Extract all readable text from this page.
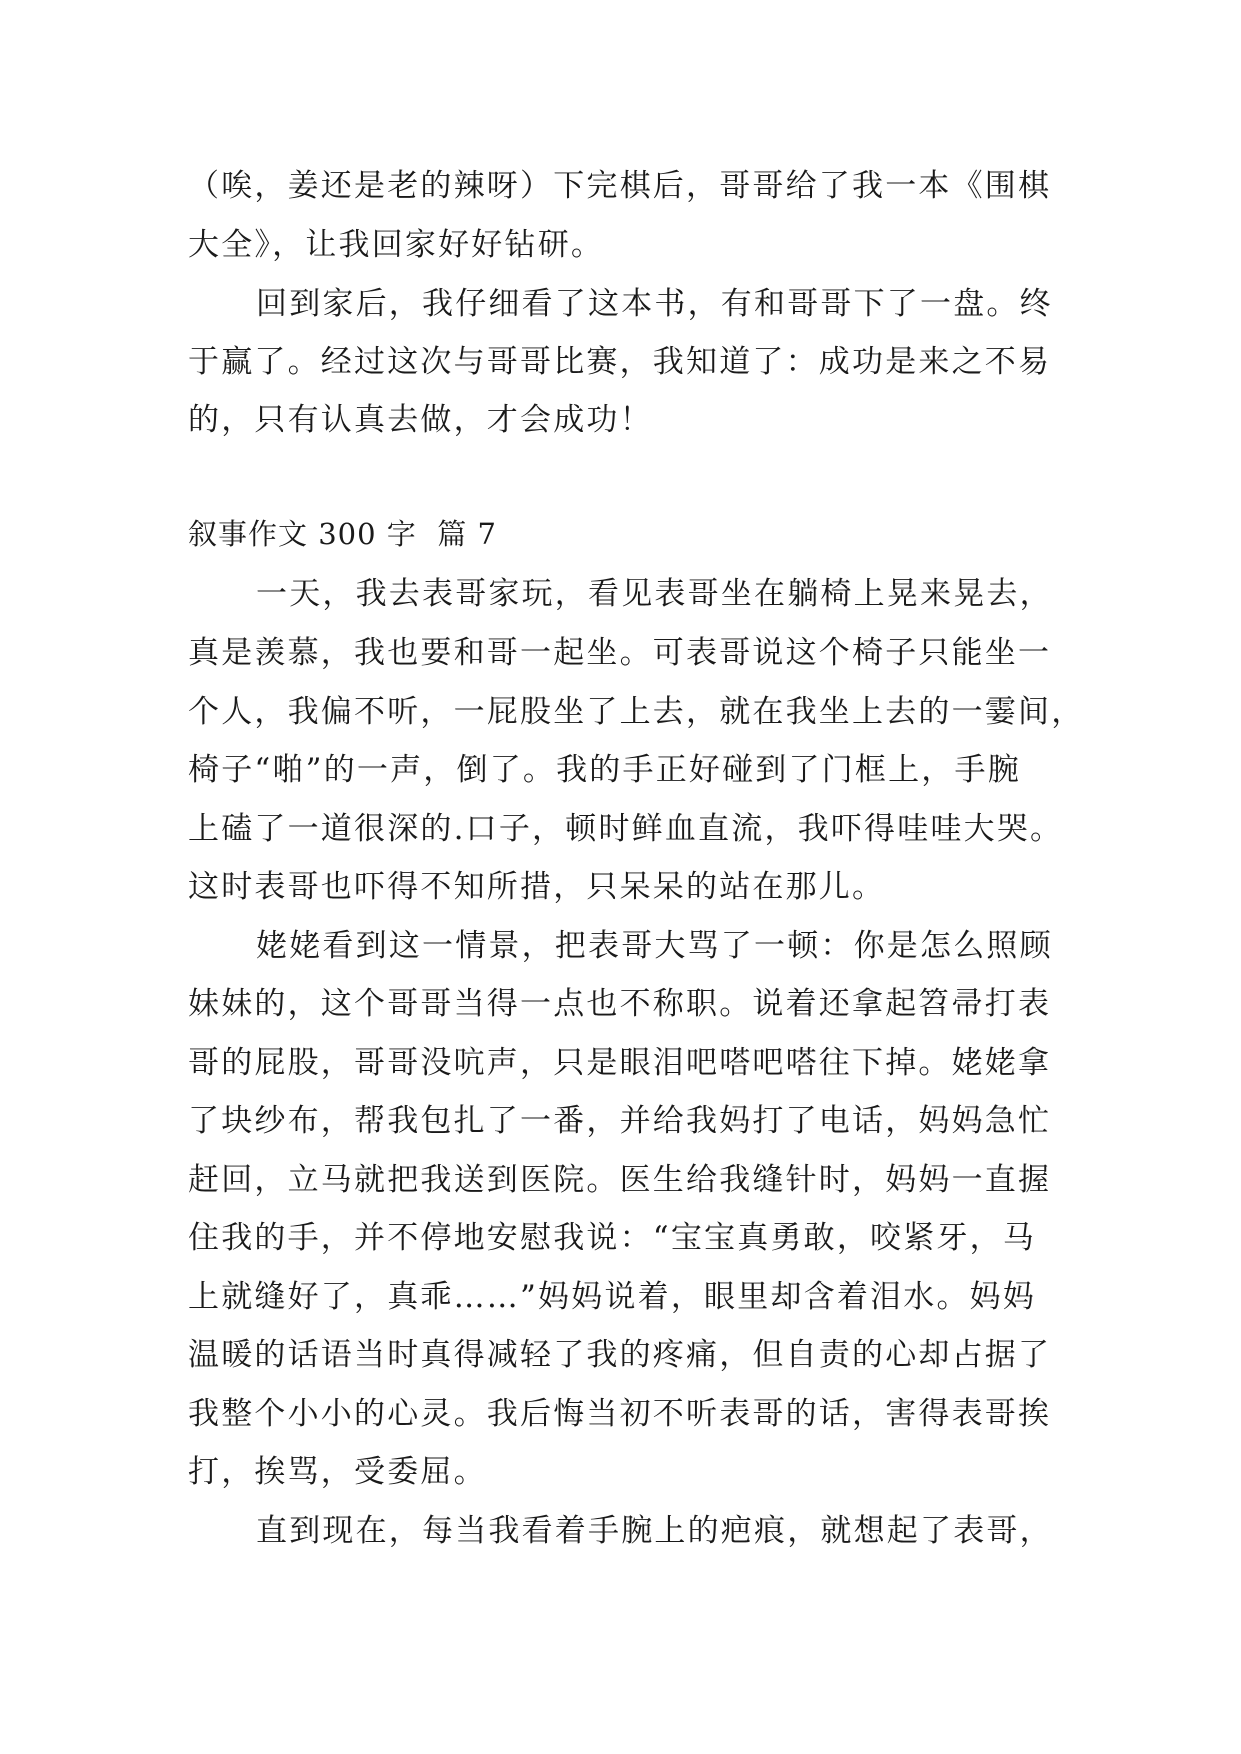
（唉，姜还是老的辣呀）下完棋后，哥哥给了我一本《围棋
大全》，让我回家好好钻研。
回到家后，我仔细看了这本书，有和哥哥下了一盘。终
于赢了。经过这次与哥哥比赛，我知道了：成功是来之不易
的，只有认真去做，才会成功！
叙事作文 300 字  篇 7
一天，我去表哥家玩，看见表哥坐在躺椅上晃来晃去，
真是羡慕，我也要和哥一起坐。可表哥说这个椅子只能坐一
个人，我偏不听，一屁股坐了上去，就在我坐上去的一霎间，
椅子“啪”的一声，倒了。我的手正好碰到了门框上，手腕
上磕了一道很深的.口子，顿时鲜血直流，我吓得哇哇大哭。
这时表哥也吓得不知所措，只呆呆的站在那儿。
姥姥看到这一情景，把表哥大骂了一顿：你是怎么照顾
妹妹的，这个哥哥当得一点也不称职。说着还拿起笤帚打表
哥的屁股，哥哥没吭声，只是眼泪吧嗒吧嗒往下掉。姥姥拿
了块纱布，帮我包扎了一番，并给我妈打了电话，妈妈急忙
赶回，立马就把我送到医院。医生给我缝针时，妈妈一直握
住我的手，并不停地安慰我说：“宝宝真勇敢，咬紧牙，马
上就缝好了，真乖……”妈妈说着，眼里却含着泪水。妈妈
温暖的话语当时真得减轻了我的疼痛，但自责的心却占据了
我整个小小的心灵。我后悔当初不听表哥的话，害得表哥挨
打，挨骂，受委屈。
直到现在，每当我看着手腕上的疤痕，就想起了表哥，
